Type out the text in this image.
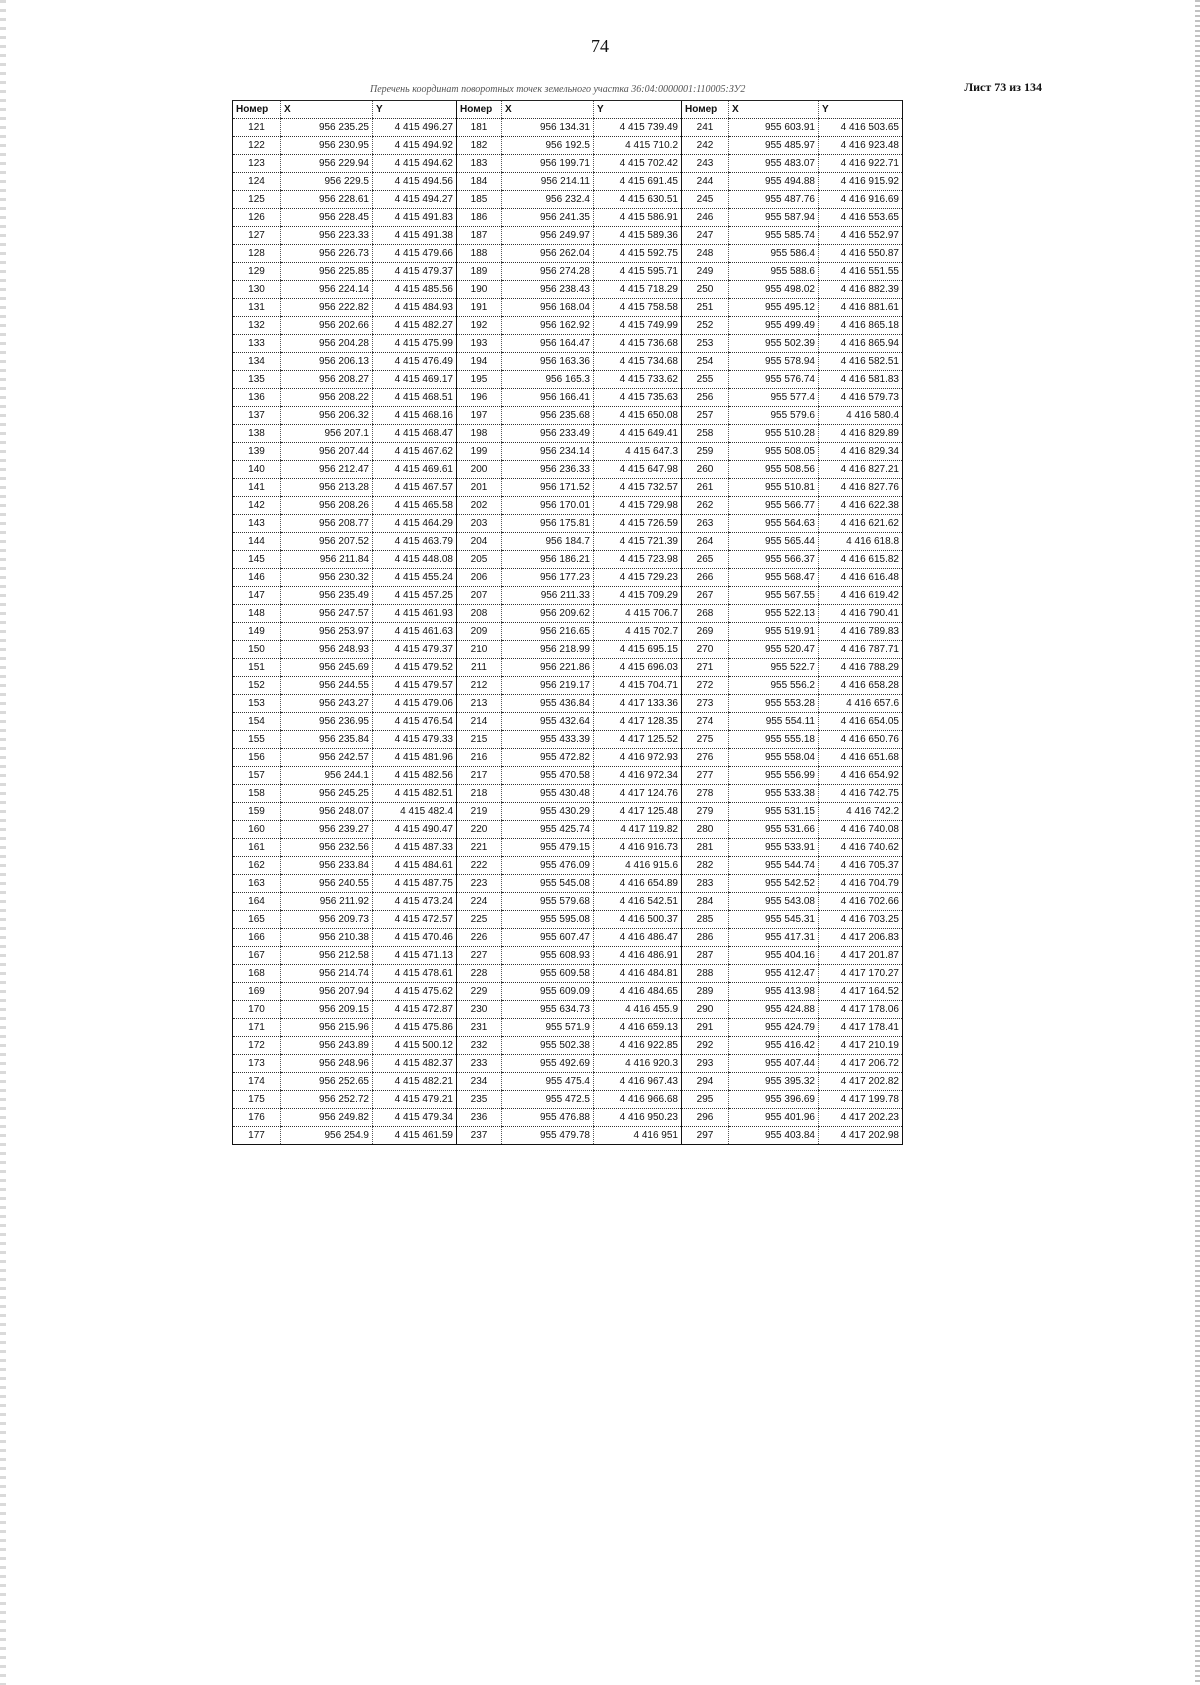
74
Перечень координат поворотных точек земельного участка 36:04:0000001:110005:ЗУ2	Лист 73 из 134
Номер	X	Y	Номер	X	Y	Номер	X	Y
121	956 235.25	4 415 496.27	181	956 134.31	4 415 739.49	241	955 603.91	4 416 503.65
122	956 230.95	4 415 494.92	182	956 192.5	4 415 710.2	242	955 485.97	4 416 923.48
123	956 229.94	4 415 494.62	183	956 199.71	4 415 702.42	243	955 483.07	4 416 922.71
124	956 229.5	4 415 494.56	184	956 214.11	4 415 691.45	244	955 494.88	4 416 915.92
125	956 228.61	4 415 494.27	185	956 232.4	4 415 630.51	245	955 487.76	4 416 916.69
126	956 228.45	4 415 491.83	186	956 241.35	4 415 586.91	246	955 587.94	4 416 553.65
127	956 223.33	4 415 491.38	187	956 249.97	4 415 589.36	247	955 585.74	4 416 552.97
128	956 226.73	4 415 479.66	188	956 262.04	4 415 592.75	248	955 586.4	4 416 550.87
129	956 225.85	4 415 479.37	189	956 274.28	4 415 595.71	249	955 588.6	4 416 551.55
130	956 224.14	4 415 485.56	190	956 238.43	4 415 718.29	250	955 498.02	4 416 882.39
131	956 222.82	4 415 484.93	191	956 168.04	4 415 758.58	251	955 495.12	4 416 881.61
132	956 202.66	4 415 482.27	192	956 162.92	4 415 749.99	252	955 499.49	4 416 865.18
133	956 204.28	4 415 475.99	193	956 164.47	4 415 736.68	253	955 502.39	4 416 865.94
134	956 206.13	4 415 476.49	194	956 163.36	4 415 734.68	254	955 578.94	4 416 582.51
135	956 208.27	4 415 469.17	195	956 165.3	4 415 733.62	255	955 576.74	4 416 581.83
136	956 208.22	4 415 468.51	196	956 166.41	4 415 735.63	256	955 577.4	4 416 579.73
137	956 206.32	4 415 468.16	197	956 235.68	4 415 650.08	257	955 579.6	4 416 580.4
138	956 207.1	4 415 468.47	198	956 233.49	4 415 649.41	258	955 510.28	4 416 829.89
139	956 207.44	4 415 467.62	199	956 234.14	4 415 647.3	259	955 508.05	4 416 829.34
140	956 212.47	4 415 469.61	200	956 236.33	4 415 647.98	260	955 508.56	4 416 827.21
141	956 213.28	4 415 467.57	201	956 171.52	4 415 732.57	261	955 510.81	4 416 827.76
142	956 208.26	4 415 465.58	202	956 170.01	4 415 729.98	262	955 566.77	4 416 622.38
143	956 208.77	4 415 464.29	203	956 175.81	4 415 726.59	263	955 564.63	4 416 621.62
144	956 207.52	4 415 463.79	204	956 184.7	4 415 721.39	264	955 565.44	4 416 618.8
145	956 211.84	4 415 448.08	205	956 186.21	4 415 723.98	265	955 566.37	4 416 615.82
146	956 230.32	4 415 455.24	206	956 177.23	4 415 729.23	266	955 568.47	4 416 616.48
147	956 235.49	4 415 457.25	207	956 211.33	4 415 709.29	267	955 567.55	4 416 619.42
148	956 247.57	4 415 461.93	208	956 209.62	4 415 706.7	268	955 522.13	4 416 790.41
149	956 253.97	4 415 461.63	209	956 216.65	4 415 702.7	269	955 519.91	4 416 789.83
150	956 248.93	4 415 479.37	210	956 218.99	4 415 695.15	270	955 520.47	4 416 787.71
151	956 245.69	4 415 479.52	211	956 221.86	4 415 696.03	271	955 522.7	4 416 788.29
152	956 244.55	4 415 479.57	212	956 219.17	4 415 704.71	272	955 556.2	4 416 658.28
153	956 243.27	4 415 479.06	213	955 436.84	4 417 133.36	273	955 553.28	4 416 657.6
154	956 236.95	4 415 476.54	214	955 432.64	4 417 128.35	274	955 554.11	4 416 654.05
155	956 235.84	4 415 479.33	215	955 433.39	4 417 125.52	275	955 555.18	4 416 650.76
156	956 242.57	4 415 481.96	216	955 472.82	4 416 972.93	276	955 558.04	4 416 651.68
157	956 244.1	4 415 482.56	217	955 470.58	4 416 972.34	277	955 556.99	4 416 654.92
158	956 245.25	4 415 482.51	218	955 430.48	4 417 124.76	278	955 533.38	4 416 742.75
159	956 248.07	4 415 482.4	219	955 430.29	4 417 125.48	279	955 531.15	4 416 742.2
160	956 239.27	4 415 490.47	220	955 425.74	4 417 119.82	280	955 531.66	4 416 740.08
161	956 232.56	4 415 487.33	221	955 479.15	4 416 916.73	281	955 533.91	4 416 740.62
162	956 233.84	4 415 484.61	222	955 476.09	4 416 915.6	282	955 544.74	4 416 705.37
163	956 240.55	4 415 487.75	223	955 545.08	4 416 654.89	283	955 542.52	4 416 704.79
164	956 211.92	4 415 473.24	224	955 579.68	4 416 542.51	284	955 543.08	4 416 702.66
165	956 209.73	4 415 472.57	225	955 595.08	4 416 500.37	285	955 545.31	4 416 703.25
166	956 210.38	4 415 470.46	226	955 607.47	4 416 486.47	286	955 417.31	4 417 206.83
167	956 212.58	4 415 471.13	227	955 608.93	4 416 486.91	287	955 404.16	4 417 201.87
168	956 214.74	4 415 478.61	228	955 609.58	4 416 484.81	288	955 412.47	4 417 170.27
169	956 207.94	4 415 475.62	229	955 609.09	4 416 484.65	289	955 413.98	4 417 164.52
170	956 209.15	4 415 472.87	230	955 634.73	4 416 455.9	290	955 424.88	4 417 178.06
171	956 215.96	4 415 475.86	231	955 571.9	4 416 659.13	291	955 424.79	4 417 178.41
172	956 243.89	4 415 500.12	232	955 502.38	4 416 922.85	292	955 416.42	4 417 210.19
173	956 248.96	4 415 482.37	233	955 492.69	4 416 920.3	293	955 407.44	4 417 206.72
174	956 252.65	4 415 482.21	234	955 475.4	4 416 967.43	294	955 395.32	4 417 202.82
175	956 252.72	4 415 479.21	235	955 472.5	4 416 966.68	295	955 396.69	4 417 199.78
176	956 249.82	4 415 479.34	236	955 476.88	4 416 950.23	296	955 401.96	4 417 202.23
177	956 254.9	4 415 461.59	237	955 479.78	4 416 951	297	955 403.84	4 417 202.98
